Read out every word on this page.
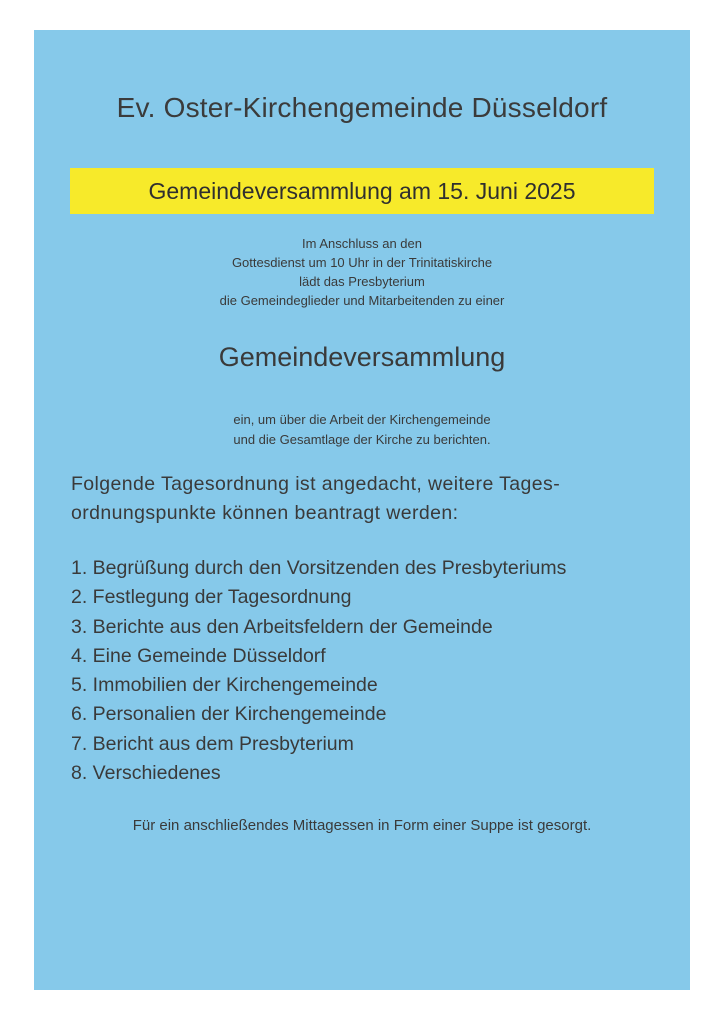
Ev. Oster-Kirchengemeinde Düsseldorf
Gemeindeversammlung am 15. Juni 2025
Im Anschluss an den
Gottesdienst um 10 Uhr in der Trinitatiskirche
lädt das Presbyterium
die Gemeindeglieder und Mitarbeitenden zu einer
Gemeindeversammlung
ein, um über die Arbeit der Kirchengemeinde
und die Gesamtlage der Kirche zu berichten.
Folgende Tagesordnung ist angedacht, weitere Tages-
ordnungspunkte können beantragt werden:
1. Begrüßung durch den Vorsitzenden des Presbyteriums
2. Festlegung der Tagesordnung
3. Berichte aus den Arbeitsfeldern der Gemeinde
4. Eine Gemeinde Düsseldorf
5. Immobilien der Kirchengemeinde
6. Personalien der Kirchengemeinde
7. Bericht aus dem Presbyterium
8. Verschiedenes
Für ein anschließendes Mittagessen in Form einer Suppe ist gesorgt.
